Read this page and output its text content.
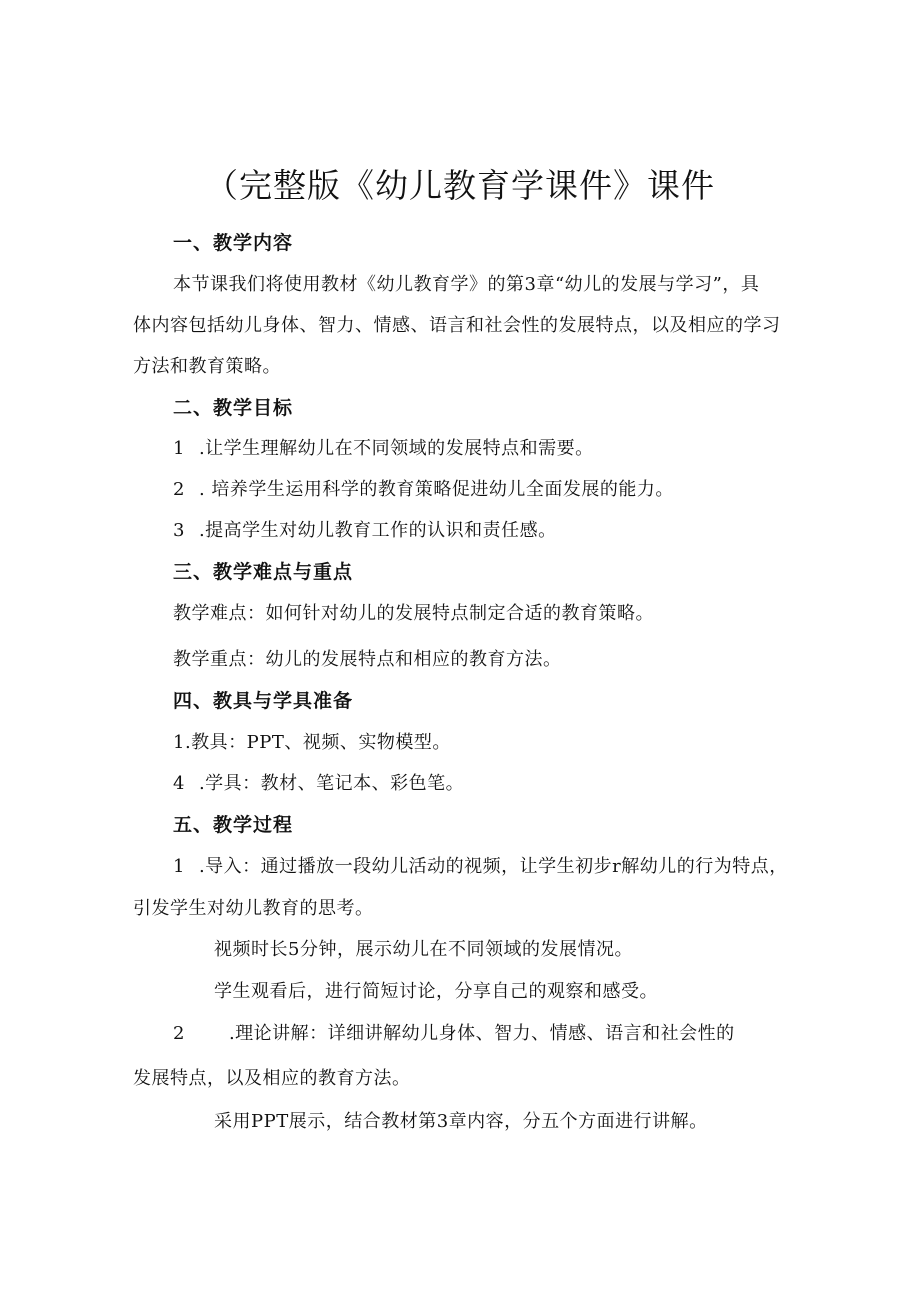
（完整版《幼儿教育学课件》课件
一、教学内容
本节课我们将使用教材《幼儿教育学》的第3章“幼儿的发展与学习”，具
体内容包括幼儿身体、智力、情感、语言和社会性的发展特点，以及相应的学习
方法和教育策略。
二、教学目标
1 .让学生理解幼儿在不同领域的发展特点和需要。
2 . 培养学生运用科学的教育策略促进幼儿全面发展的能力。
3 .提高学生对幼儿教育工作的认识和责任感。
三、教学难点与重点
教学难点：如何针对幼儿的发展特点制定合适的教育策略。
教学重点：幼儿的发展特点和相应的教育方法。
四、教具与学具准备
1.教具：PPT、视频、实物模型。
4 .学具：教材、笔记本、彩色笔。
五、教学过程
1 .导入：通过播放一段幼儿活动的视频，让学生初步r解幼儿的行为特点，
引发学生对幼儿教育的思考。
视频时长5分钟，展示幼儿在不同领域的发展情况。
学生观看后，进行简短讨论，分享自己的观察和感受。
2 .理论讲解：详细讲解幼儿身体、智力、情感、语言和社会性的
发展特点，以及相应的教育方法。
采用PPT展示，结合教材第3章内容，分五个方面进行讲解。
